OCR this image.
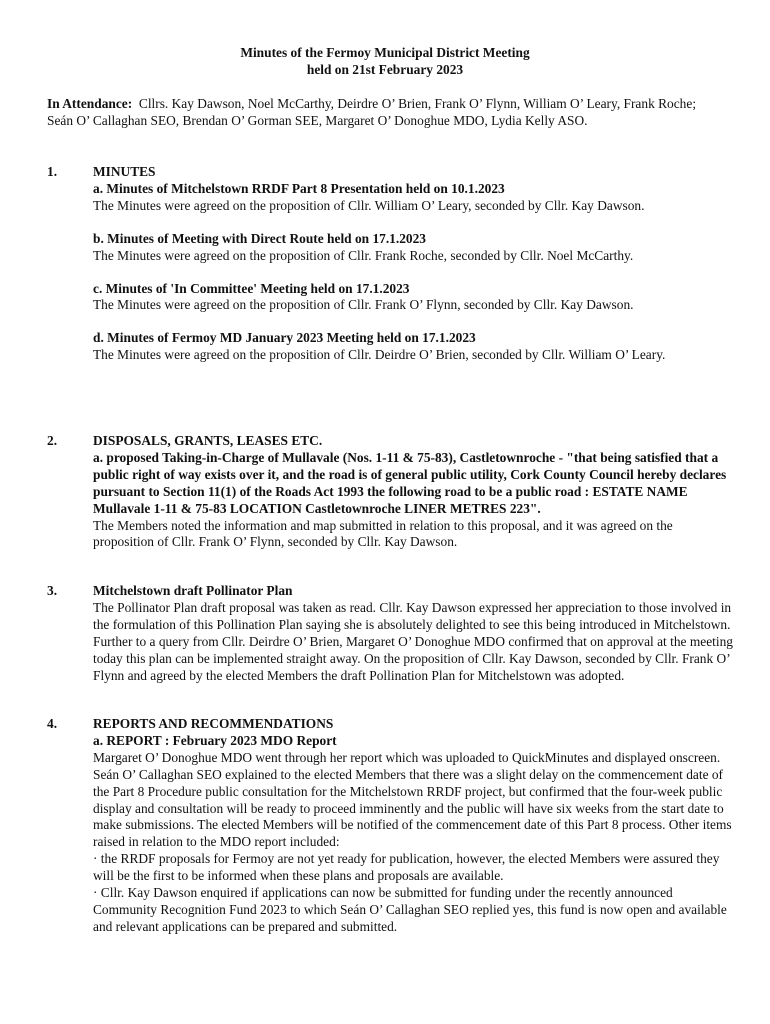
Minutes of the Fermoy Municipal District Meeting
held on 21st February 2023

In Attendance: Cllrs. Kay Dawson, Noel McCarthy, Deirdre O’ Brien, Frank O’ Flynn, William O’ Leary, Frank Roche;

Seán O’ Callaghan SEO, Brendan O’ Gorman SEE, Margaret O’ Donoghue MDO, Lydia Kelly ASO.

1.	MINUTES

a. Minutes of Mitchelstown RRDF Part 8 Presentation held on 10.1.2023

The Minutes were agreed on the proposition of Cllr. William O’ Leary, seconded by Cllr. Kay Dawson.

b. Minutes of Meeting with Direct Route held on 17.1.2023

The Minutes were agreed on the proposition of Cllr. Frank Roche, seconded by Cllr. Noel McCarthy.

c. Minutes of 'In Committee' Meeting held on 17.1.2023

The Minutes were agreed on the proposition of Cllr. Frank O’ Flynn, seconded by Cllr. Kay Dawson.

d. Minutes of Fermoy MD January 2023 Meeting held on 17.1.2023

The Minutes were agreed on the proposition of Cllr. Deirdre O’ Brien, seconded by Cllr. William O’ Leary.

2.	DISPOSALS, GRANTS, LEASES ETC.

a. proposed Taking-in-Charge of Mullavale (Nos. 1-11 & 75-83), Castletownroche - "that being satisfied that a public right of way exists over it, and the road is of general public utility, Cork County Council hereby declares pursuant to Section 11(1) of the Roads Act 1993 the following road to be a public road : ESTATE NAME Mullavale 1-11 & 75-83 LOCATION Castletownroche LINER METRES 223".

The Members noted the information and map submitted in relation to this proposal, and it was agreed on the proposition of Cllr. Frank O’ Flynn, seconded by Cllr. Kay Dawson.

3.	Mitchelstown draft Pollinator Plan

The Pollinator Plan draft proposal was taken as read. Cllr. Kay Dawson expressed her appreciation to those involved in the formulation of this Pollination Plan saying she is absolutely delighted to see this being introduced in Mitchelstown. Further to a query from Cllr. Deirdre O’ Brien, Margaret O’ Donoghue MDO confirmed that on approval at the meeting today this plan can be implemented straight away. On the proposition of Cllr. Kay Dawson, seconded by Cllr. Frank O’ Flynn and agreed by the elected Members the draft Pollination Plan for Mitchelstown was adopted.

4.	REPORTS AND RECOMMENDATIONS

a. REPORT : February 2023 MDO Report

Margaret O’ Donoghue MDO went through her report which was uploaded to QuickMinutes and displayed onscreen. Seán O’ Callaghan SEO explained to the elected Members that there was a slight delay on the commencement date of the Part 8 Procedure public consultation for the Mitchelstown RRDF project, but confirmed that the four-week public display and consultation will be ready to proceed imminently and the public will have six weeks from the start date to make submissions. The elected Members will be notified of the commencement date of this Part 8 process. Other items raised in relation to the MDO report included:

· the RRDF proposals for Fermoy are not yet ready for publication, however, the elected Members were assured they will be the first to be informed when these plans and proposals are available.

· Cllr. Kay Dawson enquired if applications can now be submitted for funding under the recently announced Community Recognition Fund 2023 to which Seán O’ Callaghan SEO replied yes, this fund is now open and available and relevant applications can be prepared and submitted.
